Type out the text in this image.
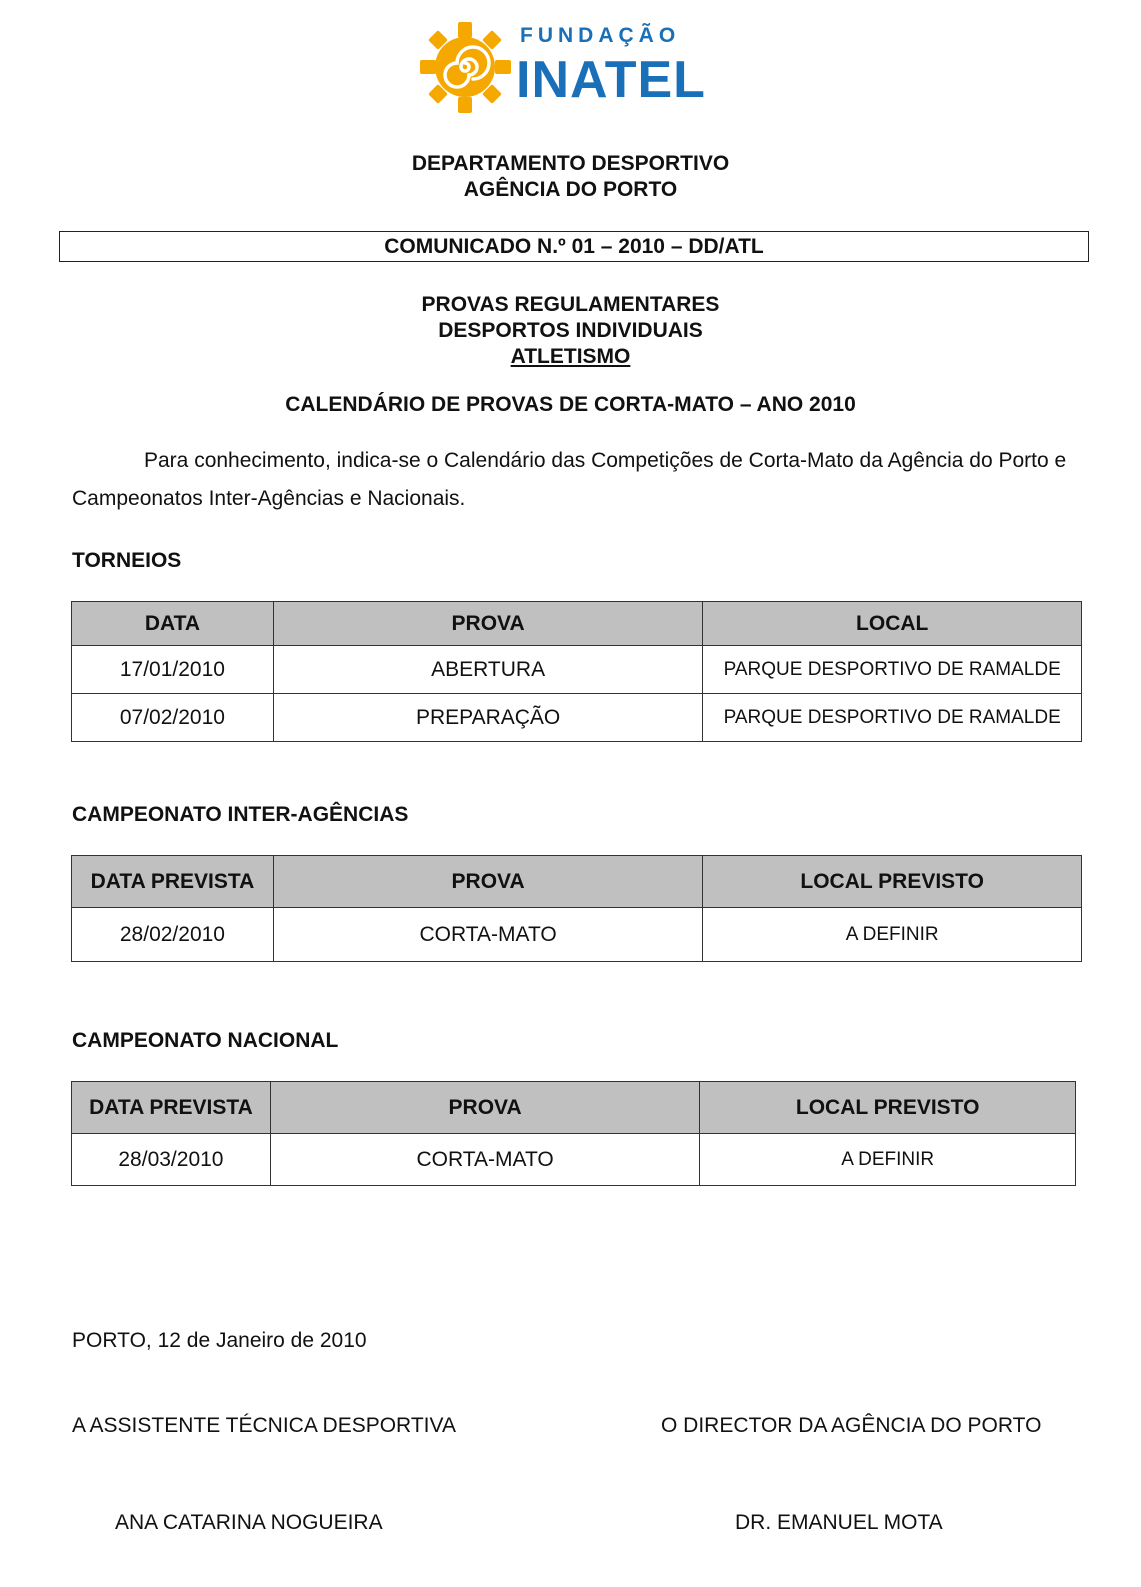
FUNDAÇÃO
INATEL
DEPARTAMENTO DESPORTIVO
AGÊNCIA DO PORTO
COMUNICADO N.º 01 – 2010 – DD/ATL
PROVAS REGULAMENTARES
DESPORTOS INDIVIDUAIS
ATLETISMO
CALENDÁRIO DE PROVAS DE CORTA-MATO – ANO 2010
Para conhecimento, indica-se o Calendário das Competições de Corta-Mato da Agência do Porto e Campeonatos Inter-Agências e Nacionais.
TORNEIOS
DATA	PROVA	LOCAL
17/01/2010	ABERTURA	PARQUE DESPORTIVO DE RAMALDE
07/02/2010	PREPARAÇÃO	PARQUE DESPORTIVO DE RAMALDE
CAMPEONATO INTER-AGÊNCIAS
DATA PREVISTA	PROVA	LOCAL PREVISTO
28/02/2010	CORTA-MATO	A DEFINIR
CAMPEONATO NACIONAL
DATA PREVISTA	PROVA	LOCAL PREVISTO
28/03/2010	CORTA-MATO	A DEFINIR
PORTO, 12 de Janeiro de 2010
A ASSISTENTE TÉCNICA DESPORTIVA	O DIRECTOR DA AGÊNCIA DO PORTO
ANA CATARINA NOGUEIRA	DR. EMANUEL MOTA
